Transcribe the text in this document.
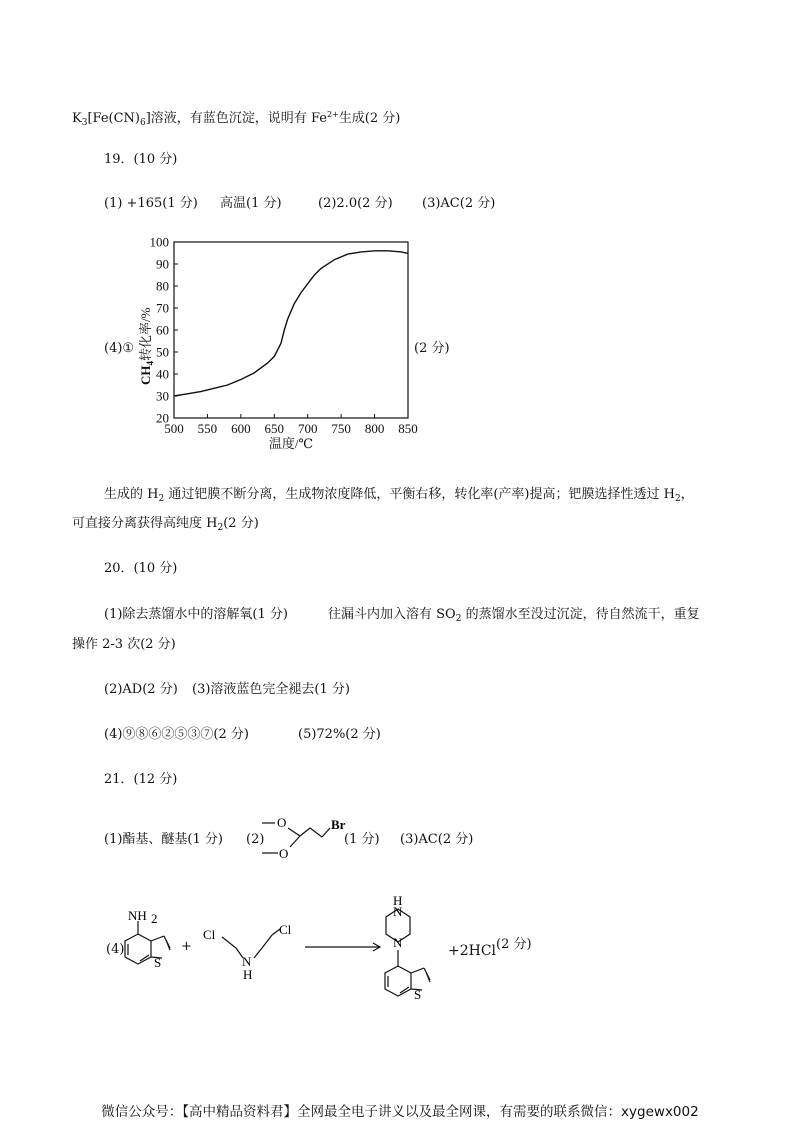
$K_3[Fe(CN)_6]$溶液，有蓝色沉淀，说明有 $Fe^{2+}$生成(2 分)
19．(10 分)
(1) +165(1 分) 高温(1 分)	(2)2.0(2 分) (3)AC(2 分)
(4)①	(2 分)
500 550 600 650 700 750 800 850
20
30
40
50
60
70
80
90
100
温度/℃
$CH_4$转化率/%
生成的 $H_2$ 通过钯膜不断分离，生成物浓度降低，平衡右移，转化率(产率)提高；钯膜选择性透过 $H_2$，
可直接分离获得高纯度 $H_2(2$ 分)
20．(10 分)
(1)除去蒸馏水中的溶解氧(1 分)	往漏斗内加入溶有 $SO_2$ 的蒸馏水至没过沉淀，待自然流干，重复
操作 2-3 次(2 分)
(2)AD(2 分) (3)溶液蓝色完全褪去(1 分)
(4)⑨⑧⑥②⑤③⑦(2 分)	(5)72%(2 分)
21．(12 分)
(1)酯基、醚基(1 分) (2)	(1 分) (3)AC(2 分)
O	Br
O
(4)	+	+2HCl (2 分)
NH 2
S
Cl
N
H
Cl
H
N
N
S
微信公众号：【高中精品资料君】全网最全电子讲义以及最全网课，有需要的联系微信：xygewx002
